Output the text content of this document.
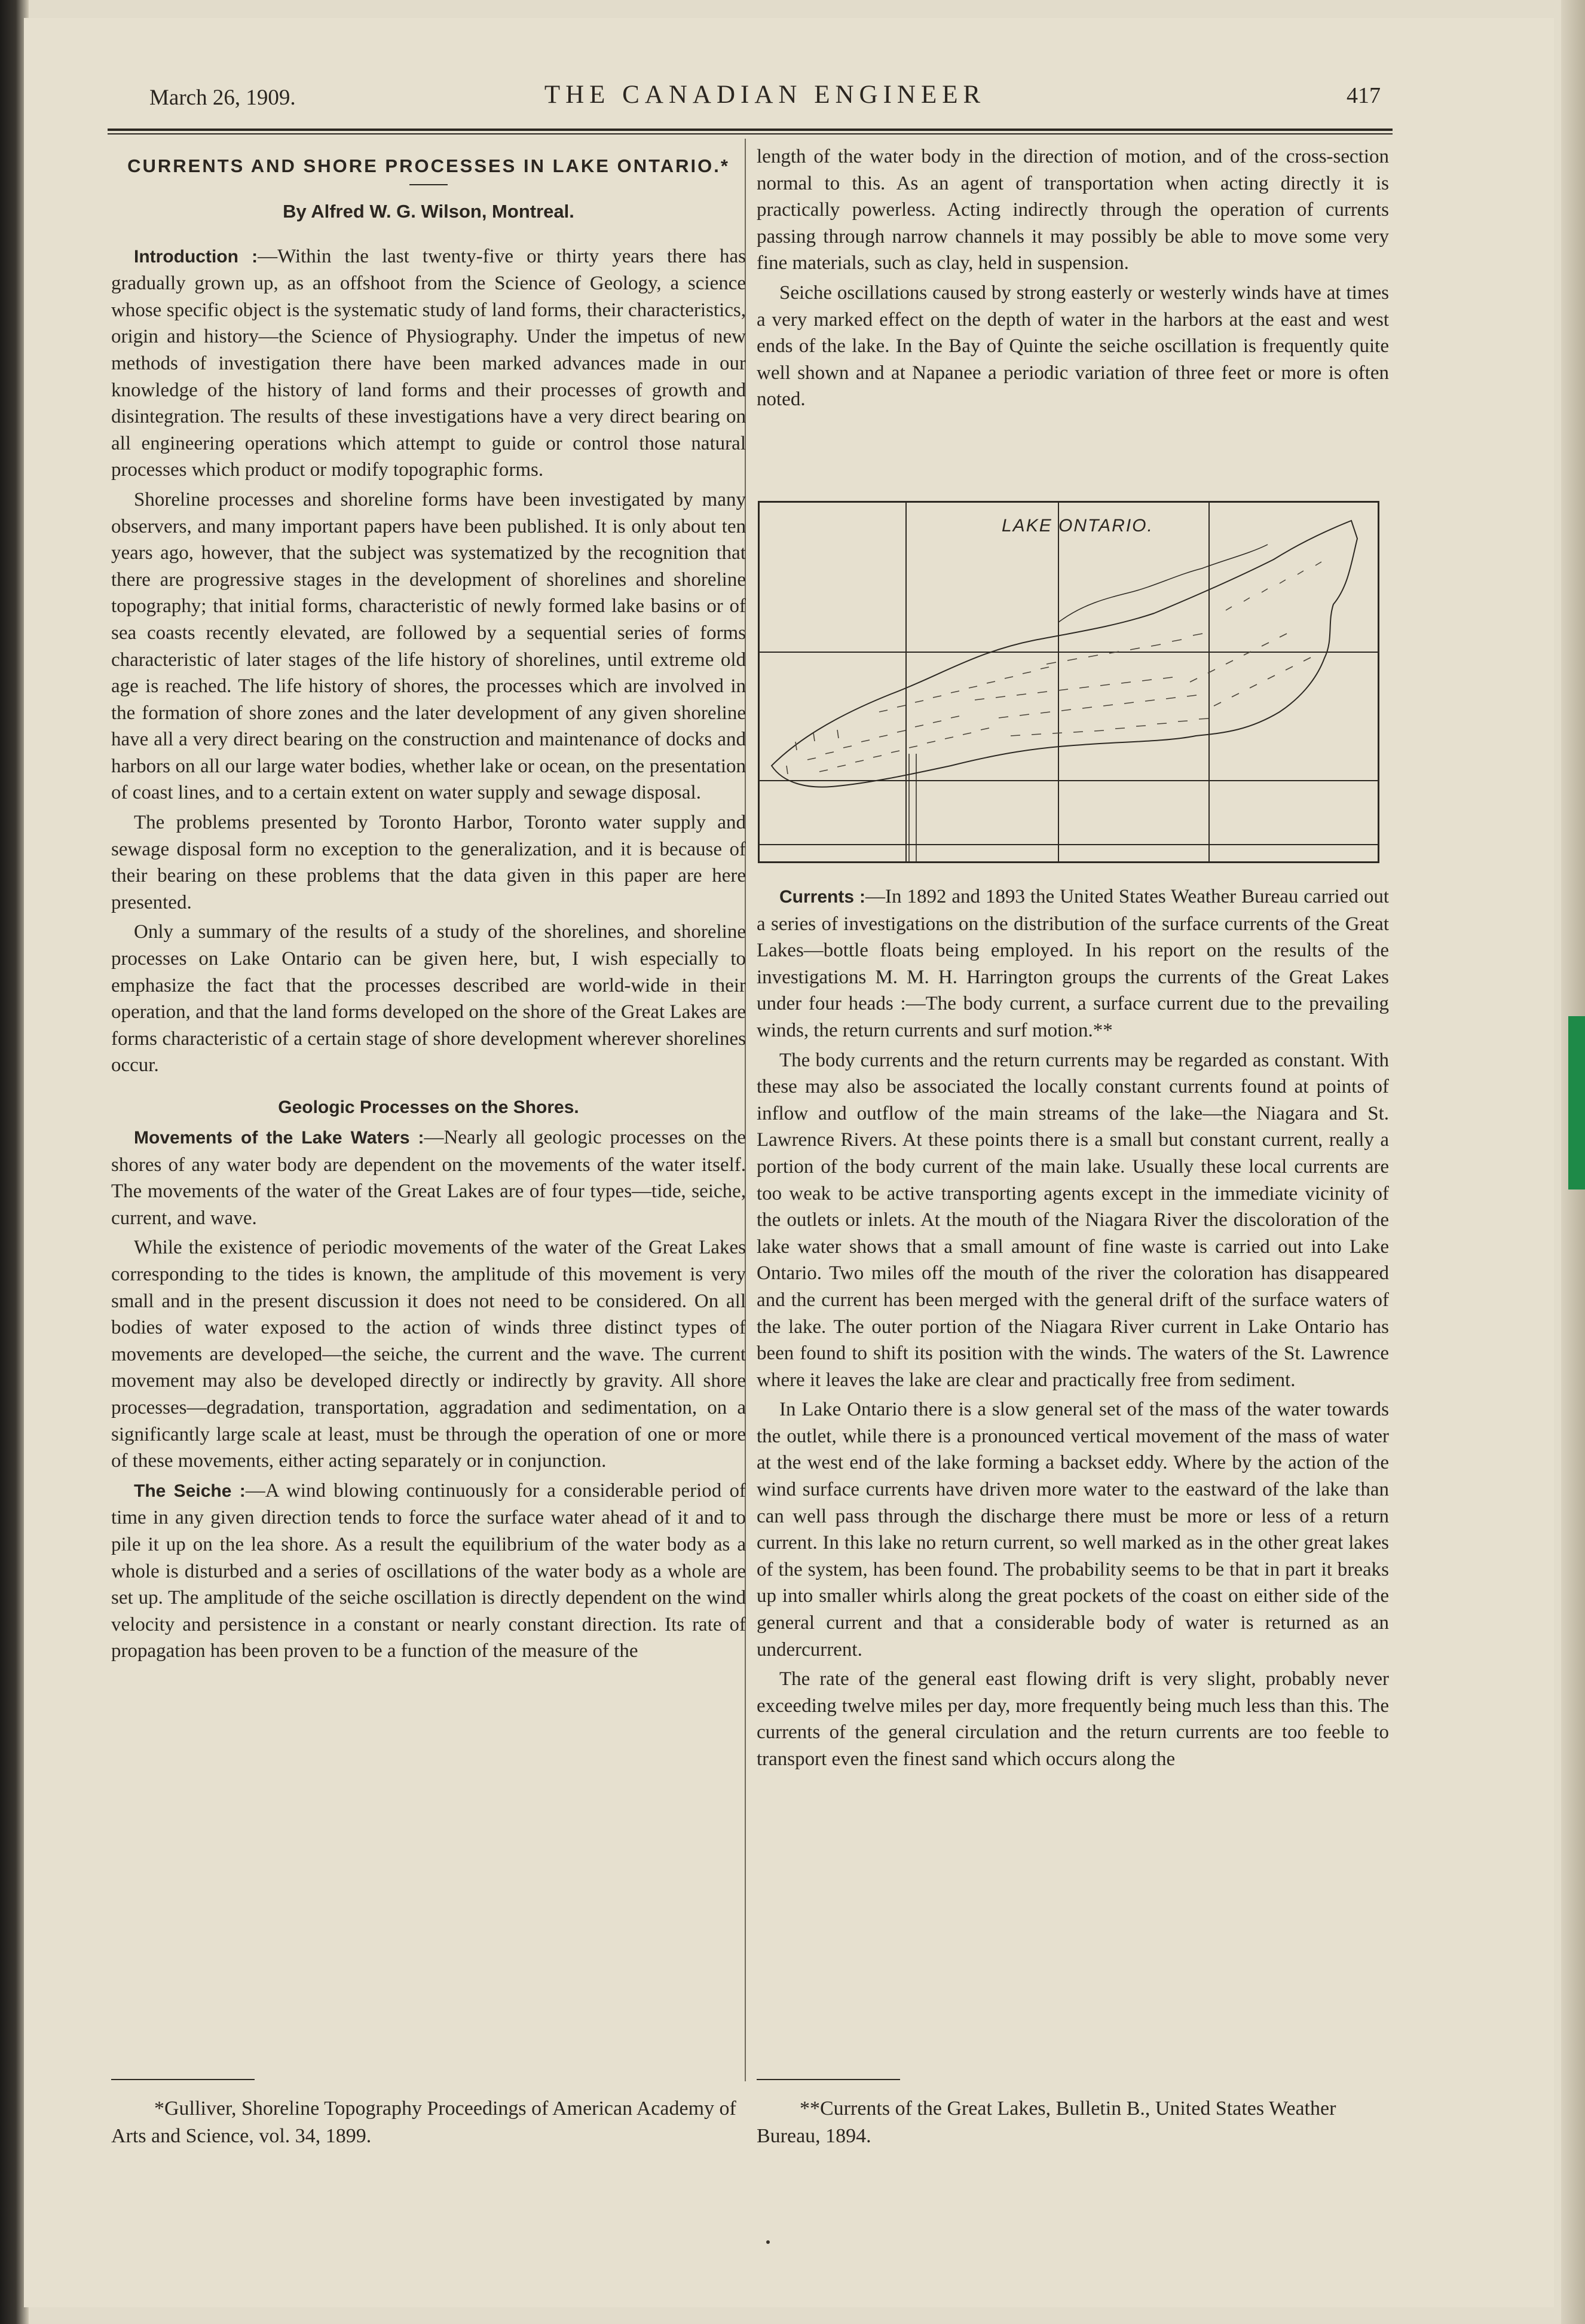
March 26, 1909.	THE CANADIAN ENGINEER	417
CURRENTS AND SHORE PROCESSES IN LAKE ONTARIO.*
By Alfred W. G. Wilson, Montreal.

Introduction :—Within the last twenty-five or thirty years there has gradually grown up, as an offshoot from the Science of Geology, a science whose specific object is the systematic study of land forms, their characteristics, origin and history—the Science of Physiography. Under the impetus of new methods of investigation there have been marked advances made in our knowledge of the history of land forms and their processes of growth and disintegration. The results of these investigations have a very direct bearing on all engineering operations which attempt to guide or control those natural processes which product or modify topographic forms.

Shoreline processes and shoreline forms have been investigated by many observers, and many important papers have been published. It is only about ten years ago, however, that the subject was systematized by the recognition that there are progressive stages in the development of shorelines and shoreline topography; that initial forms, characteristic of newly formed lake basins or of sea coasts recently elevated, are followed by a sequential series of forms characteristic of later stages of the life history of shorelines, until extreme old age is reached. The life history of shores, the processes which are involved in the formation of shore zones and the later development of any given shoreline have all a very direct bearing on the construction and maintenance of docks and harbors on all our large water bodies, whether lake or ocean, on the presentation of coast lines, and to a certain extent on water supply and sewage disposal.

The problems presented by Toronto Harbor, Toronto water supply and sewage disposal form no exception to the generalization, and it is because of their bearing on these problems that the data given in this paper are here presented.

Only a summary of the results of a study of the shorelines, and shoreline processes on Lake Ontario can be given here, but, I wish especially to emphasize the fact that the processes described are world-wide in their operation, and that the land forms developed on the shore of the Great Lakes are forms characteristic of a certain stage of shore development wherever shorelines occur.

Geologic Processes on the Shores.

Movements of the Lake Waters :—Nearly all geologic processes on the shores of any water body are dependent on the movements of the water itself. The movements of the water of the Great Lakes are of four types—tide, seiche, current, and wave.

While the existence of periodic movements of the water of the Great Lakes corresponding to the tides is known, the amplitude of this movement is very small and in the present discussion it does not need to be considered. On all bodies of water exposed to the action of winds three distinct types of movements are developed—the seiche, the current and the wave. The current movement may also be developed directly or indirectly by gravity. All shore processes—degradation, transportation, aggradation and sedimentation, on a significantly large scale at least, must be through the operation of one or more of these movements, either acting separately or in conjunction.

The Seiche :—A wind blowing continuously for a considerable period of time in any given direction tends to force the surface water ahead of it and to pile it up on the lea shore. As a result the equilibrium of the water body as a whole is disturbed and a series of oscillations of the water body as a whole are set up. The amplitude of the seiche oscillation is directly dependent on the wind velocity and persistence in a constant or nearly constant direction. Its rate of propagation has been proven to be a function of the measure of the

length of the water body in the direction of motion, and of the cross-section normal to this. As an agent of transportation when acting directly it is practically powerless. Acting indirectly through the operation of currents passing through narrow channels it may possibly be able to move some very fine materials, such as clay, held in suspension.

Seiche oscillations caused by strong easterly or westerly winds have at times a very marked effect on the depth of water in the harbors at the east and west ends of the lake. In the Bay of Quinte the seiche oscillation is frequently quite well shown and at Napanee a periodic variation of three feet or more is often noted.

LAKE ONTARIO.

Currents :—In 1892 and 1893 the United States Weather Bureau carried out a series of investigations on the distribution of the surface currents of the Great Lakes—bottle floats being employed. In his report on the results of the investigations M. M. H. Harrington groups the currents of the Great Lakes under four heads :—The body current, a surface current due to the prevailing winds, the return currents and surf motion.**

The body currents and the return currents may be regarded as constant. With these may also be associated the locally constant currents found at points of inflow and outflow of the main streams of the lake—the Niagara and St. Lawrence Rivers. At these points there is a small but constant current, really a portion of the body current of the main lake. Usually these local currents are too weak to be active transporting agents except in the immediate vicinity of the outlets or inlets. At the mouth of the Niagara River the discoloration of the lake water shows that a small amount of fine waste is carried out into Lake Ontario. Two miles off the mouth of the river the coloration has disappeared and the current has been merged with the general drift of the surface waters of the lake. The outer portion of the Niagara River current in Lake Ontario has been found to shift its position with the winds. The waters of the St. Lawrence where it leaves the lake are clear and practically free from sediment.

In Lake Ontario there is a slow general set of the mass of the water towards the outlet, while there is a pronounced vertical movement of the mass of water at the west end of the lake forming a backset eddy. Where by the action of the wind surface currents have driven more water to the eastward of the lake than can well pass through the discharge there must be more or less of a return current. In this lake no return current, so well marked as in the other great lakes of the system, has been found. The probability seems to be that in part it breaks up into smaller whirls along the great pockets of the coast on either side of the general current and that a considerable body of water is returned as an undercurrent.

The rate of the general east flowing drift is very slight, probably never exceeding twelve miles per day, more frequently being much less than this. The currents of the general circulation and the return currents are too feeble to transport even the finest sand which occurs along the

*Gulliver, Shoreline Topography Proceedings of American Academy of Arts and Science, vol. 34, 1899.
**Currents of the Great Lakes, Bulletin B., United States Weather Bureau, 1894.
